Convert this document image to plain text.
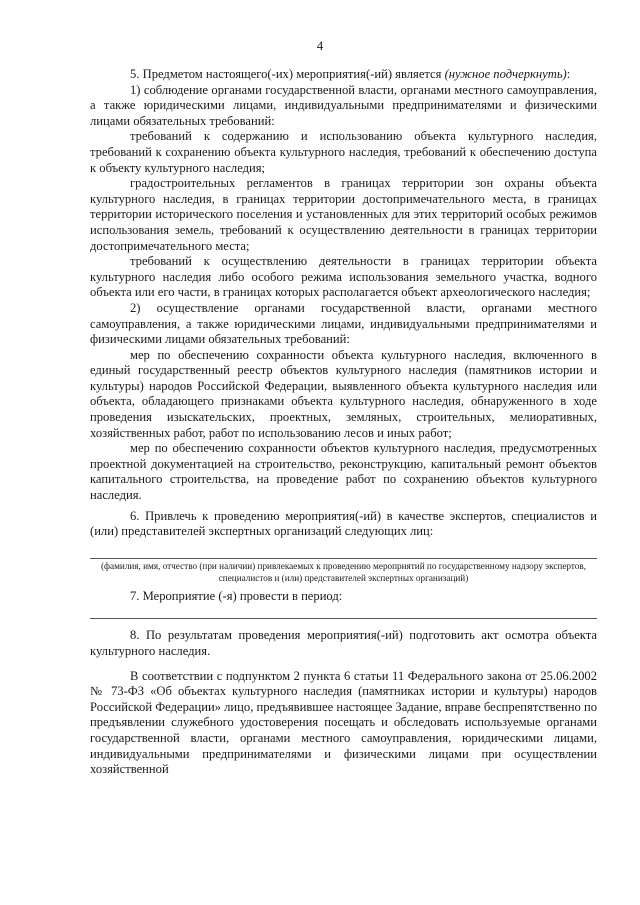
4

5. Предметом настоящего(-их) мероприятия(-ий) является (нужное подчеркнуть):

1) соблюдение органами государственной власти, органами местного самоуправления, а также юридическими лицами, индивидуальными предпринимателями и физическими лицами обязательных требований:

требований к содержанию и использованию объекта культурного наследия, требований к сохранению объекта культурного наследия, требований к обеспечению доступа к объекту культурного наследия;

градостроительных регламентов в границах территории зон охраны объекта культурного наследия, в границах территории достопримечательного места, в границах территории исторического поселения и установленных для этих территорий особых режимов использования земель, требований к осуществлению деятельности в границах территории достопримечательного места;

требований к осуществлению деятельности в границах территории объекта культурного наследия либо особого режима использования земельного участка, водного объекта или его части, в границах которых располагается объект археологического наследия;

2) осуществление органами государственной власти, органами местного самоуправления, а также юридическими лицами, индивидуальными предпринимателями и физическими лицами обязательных требований:

мер по обеспечению сохранности объекта культурного наследия, включенного в единый государственный реестр объектов культурного наследия (памятников истории и культуры) народов Российской Федерации, выявленного объекта культурного наследия или объекта, обладающего признаками объекта культурного наследия, обнаруженного в ходе проведения изыскательских, проектных, земляных, строительных, мелиоративных, хозяйственных работ, работ по использованию лесов и иных работ;

мер по обеспечению сохранности объектов культурного наследия, предусмотренных проектной документацией на строительство, реконструкцию, капитальный ремонт объектов капитального строительства, на проведение работ по сохранению объектов культурного наследия.

6. Привлечь к проведению мероприятия(-ий) в качестве экспертов, специалистов и (или) представителей экспертных организаций следующих лиц:

(фамилия, имя, отчество (при наличии) привлекаемых к проведению мероприятий по государственному надзору экспертов, специалистов и (или) представителей экспертных организаций)

7. Мероприятие (-я) провести в период:

8. По результатам проведения мероприятия(-ий) подготовить акт осмотра объекта культурного наследия.

В соответствии с подпунктом 2 пункта 6 статьи 11 Федерального закона от 25.06.2002 № 73-ФЗ «Об объектах культурного наследия (памятниках истории и культуры) народов Российской Федерации» лицо, предъявившее настоящее Задание, вправе беспрепятственно по предъявлении служебного удостоверения посещать и обследовать используемые органами государственной власти, органами местного самоуправления, юридическими лицами, индивидуальными предпринимателями и физическими лицами при осуществлении хозяйственной
